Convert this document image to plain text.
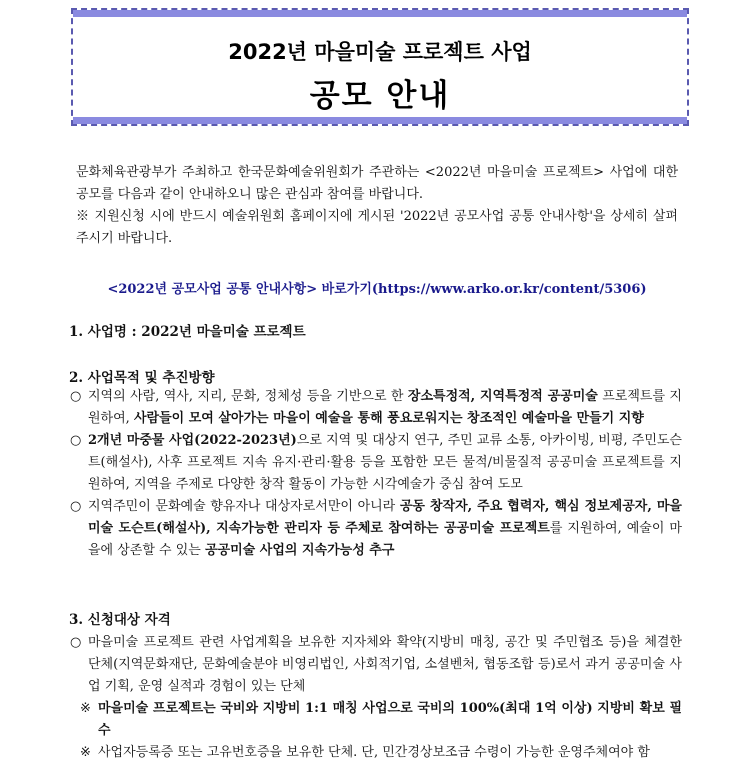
2022년 마을미술 프로젝트 사업
공모 안내
문화체육관광부가 주최하고 한국문화예술위원회가 주관하는 <2022년 마을미술 프로젝트> 사업에 대한 공모를 다음과 같이 안내하오니 많은 관심과 참여를 바랍니다.
※ 지원신청 시에 반드시 예술위원회 홈페이지에 게시된 '2022년 공모사업 공통 안내사항'을 상세히 살펴주시기 바랍니다.
<2022년 공모사업 공통 안내사항> 바로가기(https://www.arko.or.kr/content/5306)
1. 사업명 : 2022년 마을미술 프로젝트
2. 사업목적 및 추진방향
○ 지역의 사람, 역사, 지리, 문화, 정체성 등을 기반으로 한 장소특정적, 지역특정적 공공미술 프로젝트를 지원하여, 사람들이 모여 살아가는 마을이 예술을 통해 풍요로워지는 창조적인 예술마을 만들기 지향
○ 2개년 마중물 사업(2022-2023년)으로 지역 및 대상지 연구, 주민 교류 소통, 아카이빙, 비평, 주민도슨트(해설사), 사후 프로젝트 지속 유지·관리·활용 등을 포함한 모든 물적/비물질적 공공미술 프로젝트를 지원하여, 지역을 주제로 다양한 창작 활동이 가능한 시각예술가 중심 참여 도모
○ 지역주민이 문화예술 향유자나 대상자로서만이 아니라 공동 창작자, 주요 협력자, 핵심 정보제공자, 마을미술 도슨트(해설사), 지속가능한 관리자 등 주체로 참여하는 공공미술 프로젝트를 지원하여, 예술이 마을에 상존할 수 있는 공공미술 사업의 지속가능성 추구
3. 신청대상 자격
○ 마을미술 프로젝트 관련 사업계획을 보유한 지자체와 확약(지방비 매칭, 공간 및 주민협조 등)을 체결한 단체(지역문화재단, 문화예술분야 비영리법인, 사회적기업, 소셜벤처, 협동조합 등)로서 과거 공공미술 사업 기획, 운영 실적과 경험이 있는 단체
※ 마을미술 프로젝트는 국비와 지방비 1:1 매칭 사업으로 국비의 100%(최대 1억 이상) 지방비 확보 필수
※ 사업자등록증 또는 고유번호증을 보유한 단체. 단, 민간경상보조금 수령이 가능한 운영주체여야 함
